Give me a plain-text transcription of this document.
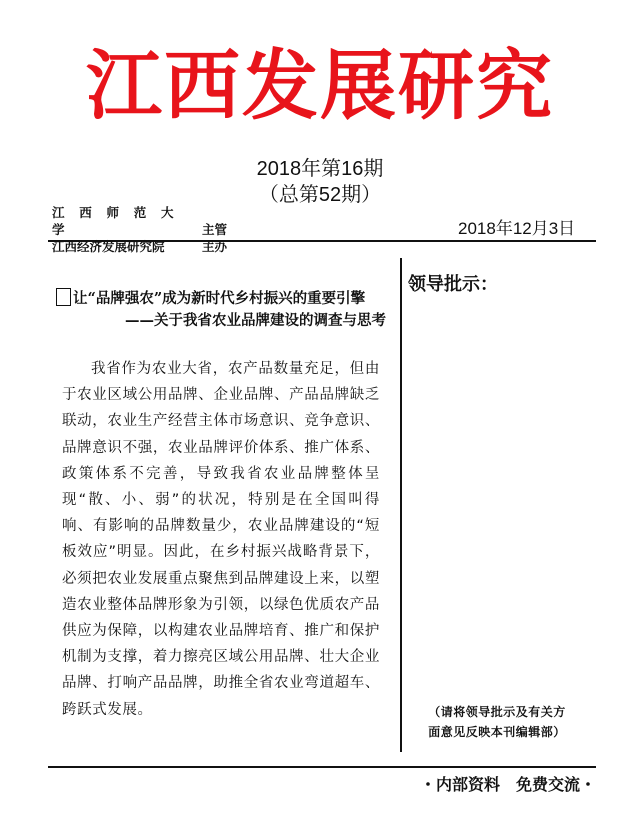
江西发展研究
2018年第16期
（总第52期）
江 西 师 范 大 学	主管
江西经济发展研究院	主办
2018年12月3日
让“品牌强农”成为新时代乡村振兴的重要引擎
——关于我省农业品牌建设的调查与思考
我省作为农业大省，农产品数量充足，但由于农业区域公用品牌、企业品牌、产品品牌缺乏联动，农业生产经营主体市场意识、竞争意识、品牌意识不强，农业品牌评价体系、推广体系、政策体系不完善，导致我省农业品牌整体呈现“散、小、弱”的状况，特别是在全国叫得响、有影响的品牌数量少，农业品牌建设的“短板效应”明显。因此，在乡村振兴战略背景下，必须把农业发展重点聚焦到品牌建设上来，以塑造农业整体品牌形象为引领，以绿色优质农产品供应为保障，以构建农业品牌培育、推广和保护机制为支撑，着力擦亮区域公用品牌、壮大企业品牌、打响产品品牌，助推全省农业弯道超车、跨跃式发展。
领导批示：
（请将领导批示及有关方
面意见反映本刊编辑部）
・内部资料 免费交流・
